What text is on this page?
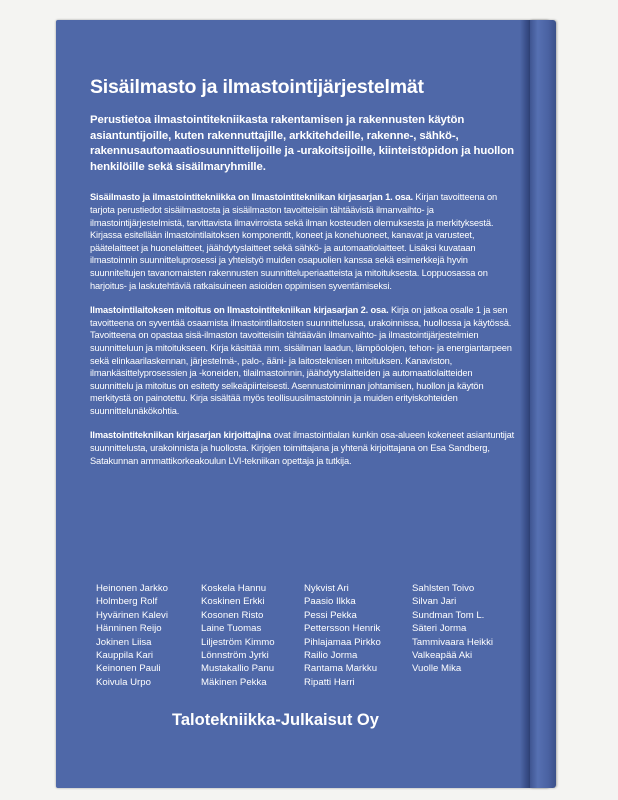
Sisäilmasto ja ilmastointijärjestelmät
Perustietoa ilmastointitekniikasta rakentamisen ja rakennusten käytön asiantuntijoille, kuten rakennuttajille, arkkitehdeille, rakenne-, sähkö-, rakennusautomaatiosuunnittelijoille ja -urakoitsijoille, kiinteistöpidon ja huollon henkilöille sekä sisäilmaryhmille.
Sisäilmasto ja ilmastointitekniikka on Ilmastointitekniikan kirjasarjan 1. osa. Kirjan tavoitteena on tarjota perustiedot sisäilmastosta ja sisäilmaston tavoitteisiin tähtäävistä ilmanvaihto- ja ilmastointijärjestelmistä, tarvittavista ilmavirroista sekä ilman kosteuden olemuksesta ja merkityksestä. Kirjassa esitellään ilmastointilaitoksen komponentit, koneet ja konehuoneet, kanavat ja varusteet, päätelaitteet ja huonelaitteet, jäähdytyslaitteet sekä sähkö- ja automaatiolaitteet. Lisäksi kuvataan ilmastoinnin suunnitteluprosessi ja yhteistyö muiden osapuolien kanssa sekä esimerkkejä hyvin suunniteltujen tavanomaisten rakennusten suunnitteluperiaatteista ja mitoituksesta. Loppuosassa on harjoitus- ja laskutehtäviä ratkaisuineen asioiden oppimisen syventämiseksi.
Ilmastointilaitoksen mitoitus on Ilmastointitekniikan kirjasarjan 2. osa. Kirja on jatkoa osalle 1 ja sen tavoitteena on syventää osaamista ilmastointilaitosten suunnittelussa, urakoinnissa, huollossa ja käytössä. Tavoitteena on opastaa sisä-ilmaston tavoitteisiin tähtäävän ilmanvaihto- ja ilmastointijärjestelmien suunnitteluun ja mitoitukseen. Kirja käsittää mm. sisäilman laadun, lämpöolojen, tehon- ja energiantarpeen sekä elinkaarilaskennan, järjestelmä-, palo-, ääni- ja laitosteknisen mitoituksen. Kanaviston, ilmankäsittelyprosessien ja -koneiden, tilailmastoinnin, jäähdytyslaitteiden ja automaatiolaitteiden suunnittelu ja mitoitus on esitetty selkeäpiirteisesti. Asennustoiminnan johtamisen, huollon ja käytön merkitystä on painotettu. Kirja sisältää myös teollisuusilmastoinnin ja muiden erityiskohteiden suunnittelunäkökohtia.
Ilmastointitekniikan kirjasarjan kirjoittajina ovat ilmastointialan kunkin osa-alueen kokeneet asiantuntijat suunnittelusta, urakoinnista ja huollosta. Kirjojen toimittajana ja yhtenä kirjoittajana on Esa Sandberg, Satakunnan ammattikorkeakoulun LVI-tekniikan opettaja ja tutkija.
Heinonen Jarkko
Holmberg Rolf
Hyvärinen Kalevi
Hänninen Reijo
Jokinen Liisa
Kauppila Kari
Keinonen Pauli
Koivula Urpo
Koskela Hannu
Koskinen Erkki
Kosonen Risto
Laine Tuomas
Liljeström Kimmo
Lönnström Jyrki
Mustakallio Panu
Mäkinen Pekka
Nykvist Ari
Paasio Ilkka
Pessi Pekka
Pettersson Henrik
Pihlajamaa Pirkko
Railio Jorma
Rantama Markku
Ripatti Harri
Sahlsten Toivo
Silvan Jari
Sundman Tom L.
Säteri Jorma
Tammivaara Heikki
Valkeapää Aki
Vuolle Mika
Talotekniikka-Julkaisut Oy
